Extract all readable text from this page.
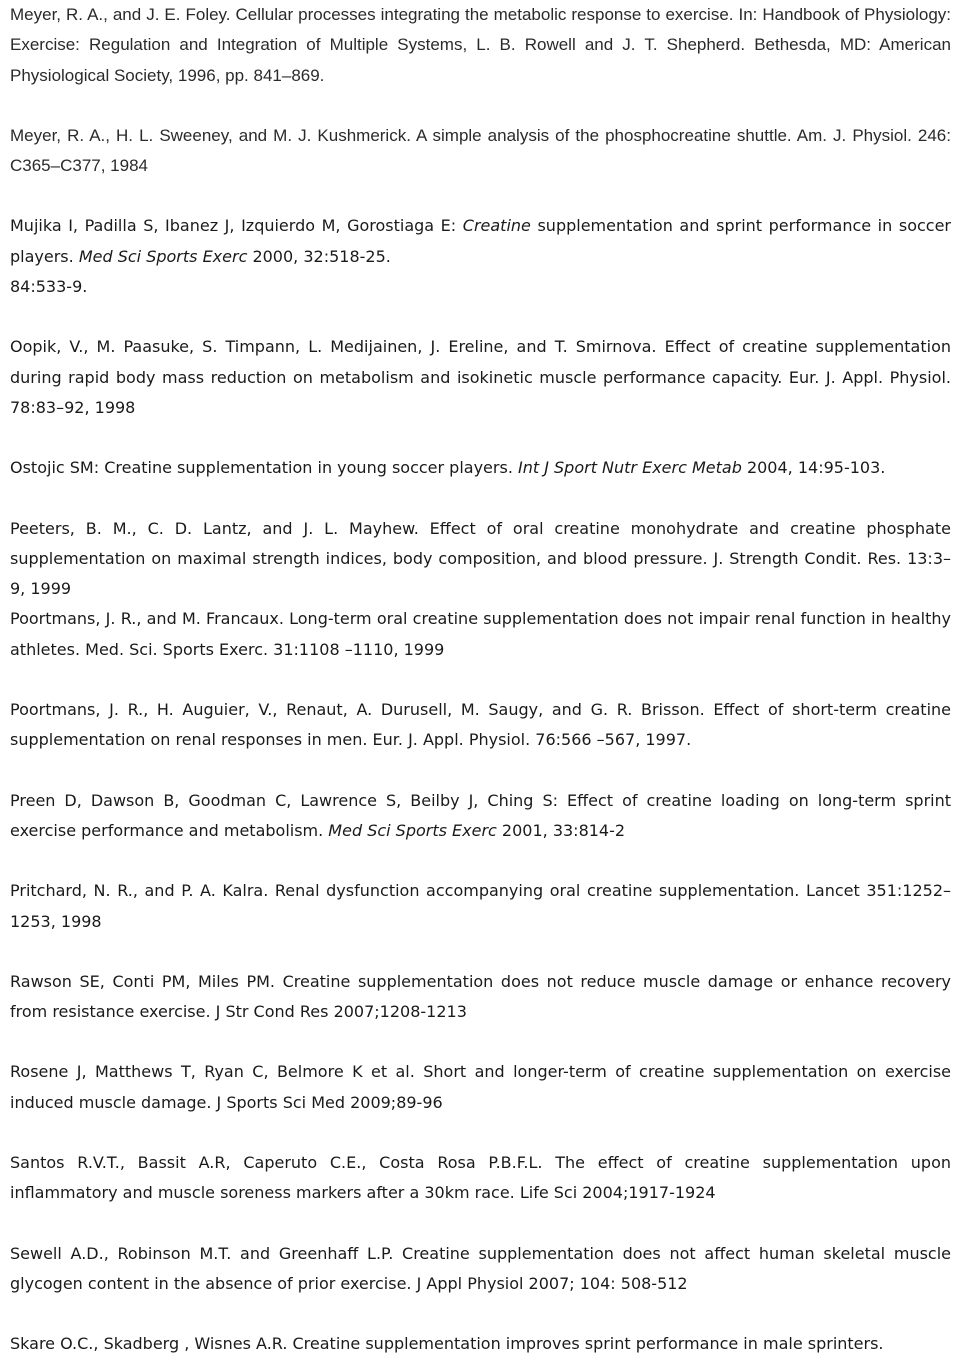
Meyer, R. A., and J. E. Foley. Cellular processes integrating the metabolic response to exercise. In: Handbook of Physiology: Exercise: Regulation and Integration of Multiple Systems, L. B. Rowell and J. T. Shepherd. Bethesda, MD: American Physiological Society, 1996, pp. 841–869.

Meyer, R. A., H. L. Sweeney, and M. J. Kushmerick. A simple analysis of the phosphocreatine shuttle. Am. J. Physiol. 246: C365–C377, 1984

Mujika I, Padilla S, Ibanez J, Izquierdo M, Gorostiaga E: Creatine supplementation and sprint performance in soccer players. Med Sci Sports Exerc 2000, 32:518-25.
84:533-9.

Oopik, V., M. Paasuke, S. Timpann, L. Medijainen, J. Ereline, and T. Smirnova. Effect of creatine supplementation during rapid body mass reduction on metabolism and isokinetic muscle performance capacity. Eur. J. Appl. Physiol. 78:83–92, 1998

Ostojic SM: Creatine supplementation in young soccer players. Int J Sport Nutr Exerc Metab 2004, 14:95-103.

Peeters, B. M., C. D. Lantz, and J. L. Mayhew. Effect of oral creatine monohydrate and creatine phosphate supplementation on maximal strength indices, body composition, and blood pressure. J. Strength Condit. Res. 13:3–9, 1999

Poortmans, J. R., and M. Francaux. Long-term oral creatine supplementation does not impair renal function in healthy athletes. Med. Sci. Sports Exerc. 31:1108 –1110, 1999

Poortmans, J. R., H. Auguier, V., Renaut, A. Durusell, M. Saugy, and G. R. Brisson. Effect of short-term creatine supplementation on renal responses in men. Eur. J. Appl. Physiol. 76:566 –567, 1997.

Preen D, Dawson B, Goodman C, Lawrence S, Beilby J, Ching S: Effect of creatine loading on long-term sprint exercise performance and metabolism. Med Sci Sports Exerc 2001, 33:814-2

Pritchard, N. R., and P. A. Kalra. Renal dysfunction accompanying oral creatine supplementation. Lancet 351:1252–1253, 1998

Rawson SE, Conti PM, Miles PM. Creatine supplementation does not reduce muscle damage or enhance recovery from resistance exercise. J Str Cond Res 2007;1208-1213

Rosene J, Matthews T, Ryan C, Belmore K et al. Short and longer-term of creatine supplementation on exercise induced muscle damage. J Sports Sci Med 2009;89-96

Santos R.V.T., Bassit A.R, Caperuto C.E., Costa Rosa P.B.F.L. The effect of creatine supplementation upon inflammatory and muscle soreness markers after a 30km race. Life Sci 2004;1917-1924

Sewell A.D., Robinson M.T. and Greenhaff L.P. Creatine supplementation does not affect human skeletal muscle glycogen content in the absence of prior exercise. J Appl Physiol 2007; 104: 508-512

Skare O.C., Skadberg , Wisnes A.R. Creatine supplementation improves sprint performance in male sprinters.
